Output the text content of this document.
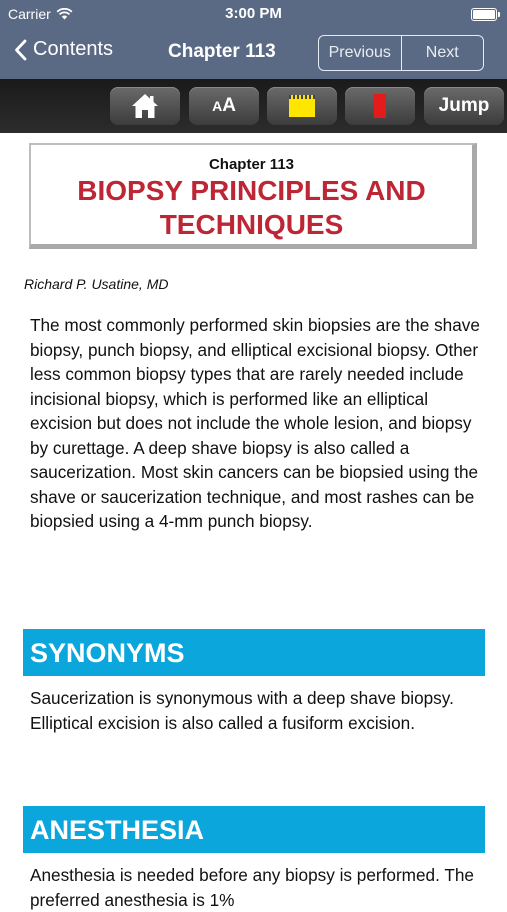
Carrier	3:00 PM
Contents	Chapter 113	Previous	Next
A A	Jump
Chapter 113
BIOPSY PRINCIPLES AND
TECHNIQUES
Richard P. Usatine, MD
The most commonly performed skin biopsies are the shave biopsy, punch biopsy, and elliptical excisional biopsy. Other less common biopsy types that are rarely needed include incisional biopsy, which is performed like an elliptical excision but does not include the whole lesion, and biopsy by curettage. A deep shave biopsy is also called a saucerization. Most skin cancers can be biopsied using the shave or saucerization technique, and most rashes can be biopsied using a 4-mm punch biopsy.
SYNONYMS
Saucerization is synonymous with a deep shave biopsy. Elliptical excision is also called a fusiform excision.
ANESTHESIA
Anesthesia is needed before any biopsy is performed. The preferred anesthesia is 1%
